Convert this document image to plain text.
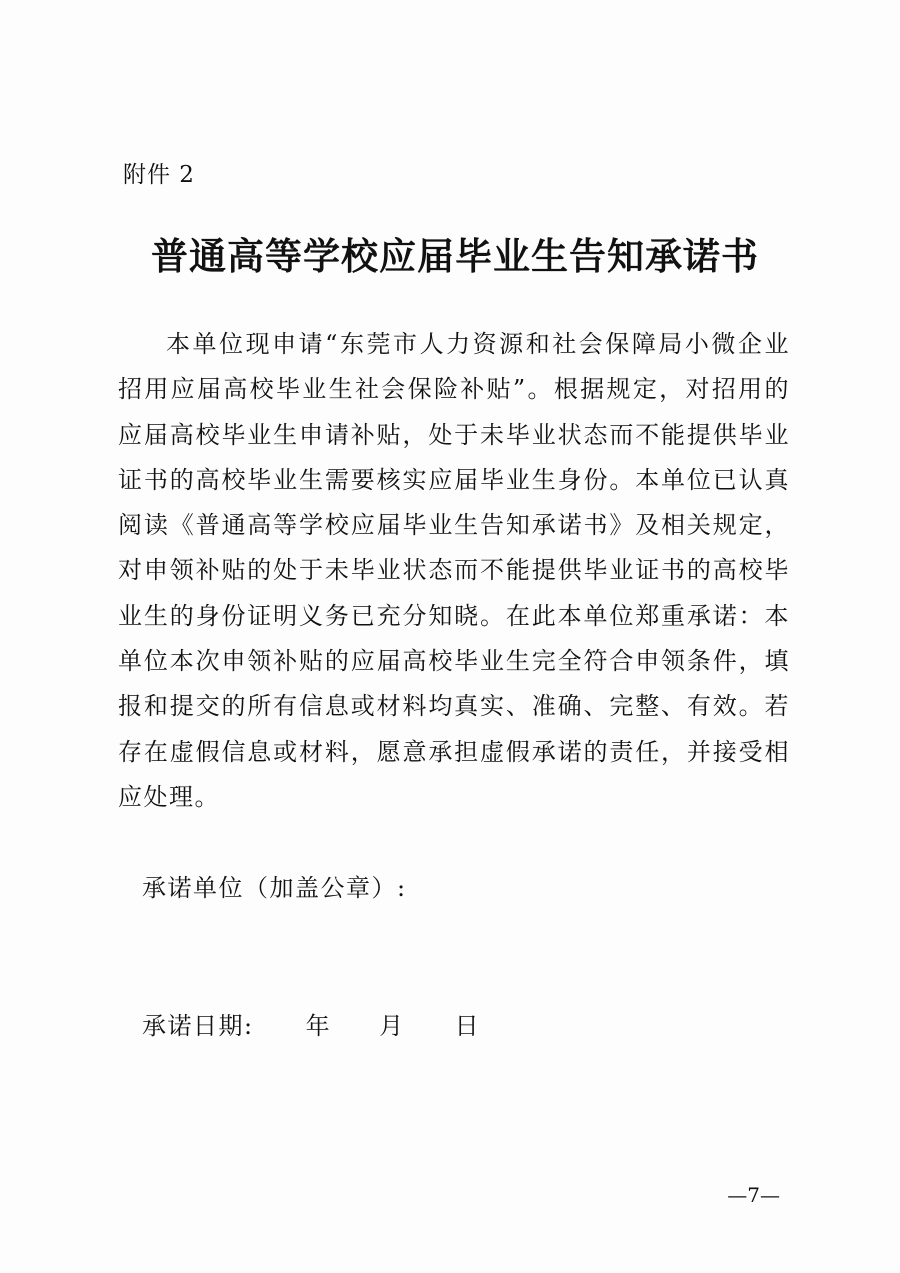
附件 2
普通高等学校应届毕业生告知承诺书

本单位现申请“东莞市人力资源和社会保障局小微企业招用应届高校毕业生社会保险补贴”。根据规定，对招用的应届高校毕业生申请补贴，处于未毕业状态而不能提供毕业证书的高校毕业生需要核实应届毕业生身份。本单位已认真阅读《普通高等学校应届毕业生告知承诺书》及相关规定，对申领补贴的处于未毕业状态而不能提供毕业证书的高校毕业生的身份证明义务已充分知晓。在此本单位郑重承诺：本单位本次申领补贴的应届高校毕业生完全符合申领条件，填报和提交的所有信息或材料均真实、准确、完整、有效。若存在虚假信息或材料，愿意承担虚假承诺的责任，并接受相应处理。

承诺单位（加盖公章）:
承诺日期: 年 月 日
—7—
